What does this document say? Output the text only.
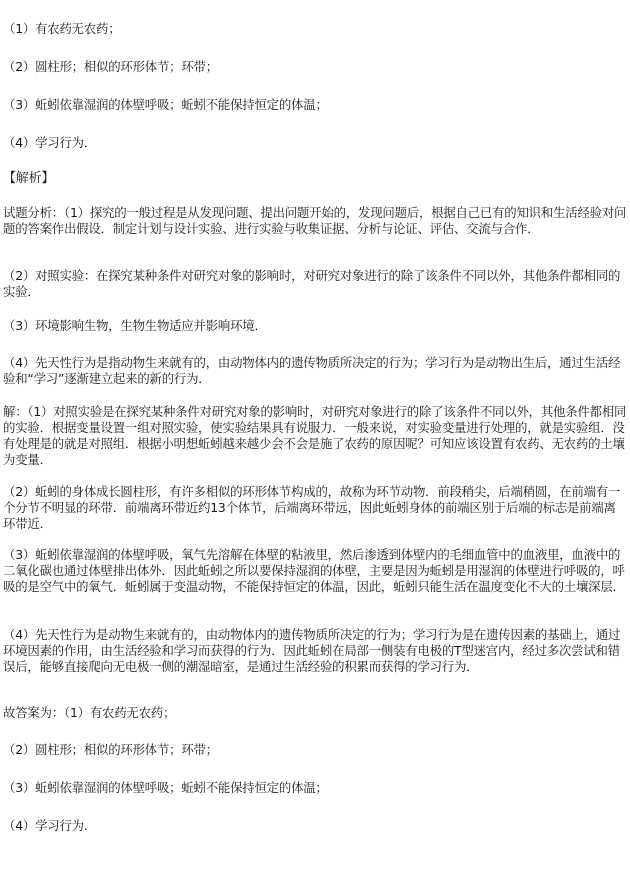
（1）有农药无农药；
（2）圆柱形；相似的环形体节；环带；
（3）蚯蚓依靠湿润的体壁呼吸；蚯蚓不能保持恒定的体温；
（4）学习行为．
【解析】
试题分析：（1）探究的一般过程是从发现问题、提出问题开始的，发现问题后，根据自己已有的知识和生活经验对问题的答案作出假设．制定计划与设计实验、进行实验与收集证据、分析与论证、评估、交流与合作．
（2）对照实验：在探究某种条件对研究对象的影响时，对研究对象进行的除了该条件不同以外，其他条件都相同的实验．
（3）环境影响生物，生物生物适应并影响环境．
（4）先天性行为是指动物生来就有的，由动物体内的遗传物质所决定的行为；学习行为是动物出生后，通过生活经验和“学习”逐渐建立起来的新的行为．
解：（1）对照实验是在探究某种条件对研究对象的影响时，对研究对象进行的除了该条件不同以外，其他条件都相同的实验．根据变量设置一组对照实验，使实验结果具有说服力．一般来说，对实验变量进行处理的，就是实验组．没有处理是的就是对照组．根据小明想蚯蚓越来越少会不会是施了农药的原因呢？可知应该设置有农药、无农药的土壤为变量．
（2）蚯蚓的身体成长圆柱形，有许多相似的环形体节构成的，故称为环节动物．前段稍尖，后端稍圆，在前端有一个分节不明显的环带．前端离环带近约13个体节，后端离环带远，因此蚯蚓身体的前端区别于后端的标志是前端离环带近．
（3）蚯蚓依靠湿润的体壁呼吸，氧气先溶解在体壁的粘液里，然后渗透到体壁内的毛细血管中的血液里，血液中的二氧化碳也通过体壁排出体外．因此蚯蚓之所以要保持湿润的体壁，主要是因为蚯蚓是用湿润的体壁进行呼吸的，呼吸的是空气中的氧气．蚯蚓属于变温动物，不能保持恒定的体温，因此，蚯蚓只能生活在温度变化不大的土壤深层．
（4）先天性行为是动物生来就有的，由动物体内的遗传物质所决定的行为；学习行为是在遗传因素的基础上，通过环境因素的作用，由生活经验和学习而获得的行为．因此蚯蚓在局部一侧装有电极的T型迷宫内，经过多次尝试和错误后，能够直接爬向无电极一侧的潮湿暗室，是通过生活经验的积累而获得的学习行为．
故答案为：（1）有农药无农药；
（2）圆柱形；相似的环形体节；环带；
（3）蚯蚓依靠湿润的体壁呼吸；蚯蚓不能保持恒定的体温；
（4）学习行为．
